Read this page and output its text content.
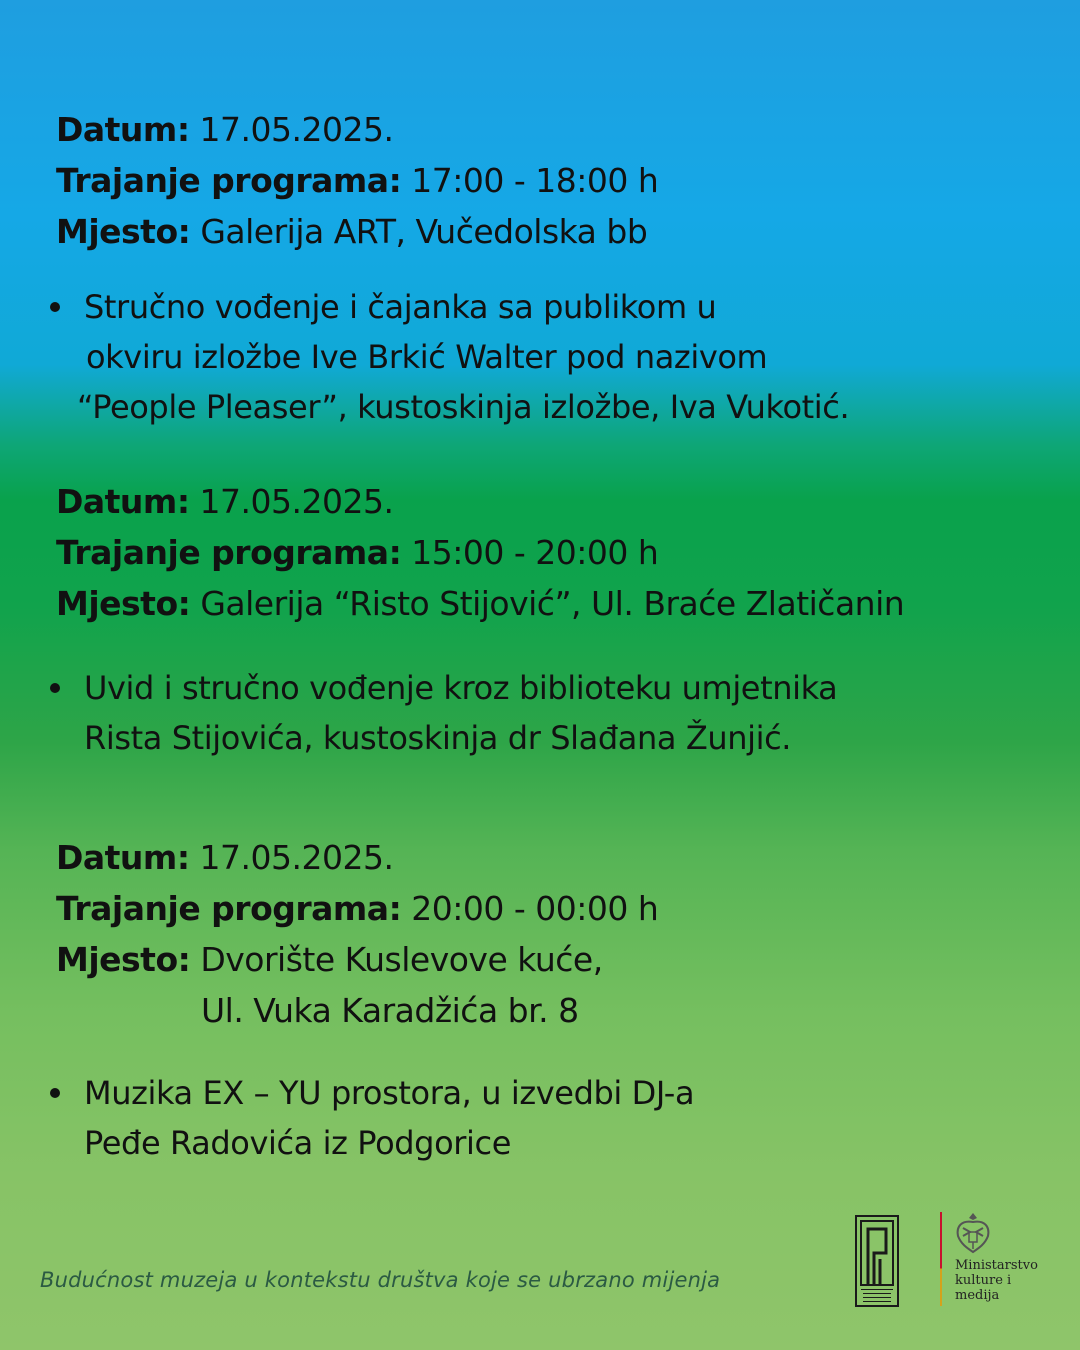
Datum: 17.05.2025.
Trajanje programa: 17:00 - 18:00 h
Mjesto: Galerija ART, Vučedolska bb
Stručno vođenje i čajanka sa publikom u
okviru izložbe Ive Brkić Walter pod nazivom
“People Pleaser”, kustoskinja izložbe, Iva Vukotić.
Datum: 17.05.2025.
Trajanje programa: 15:00 - 20:00 h
Mjesto: Galerija “Risto Stijović”, Ul. Braće Zlatičanin
Uvid i stručno vođenje kroz biblioteku umjetnika
Rista Stijovića, kustoskinja dr Slađana Žunjić.
Datum: 17.05.2025.
Trajanje programa: 20:00 - 00:00 h
Mjesto: Dvorište Kuslevove kuće,
Ul. Vuka Karadžića br. 8
Muzika EX – YU prostora, u izvedbi DJ-a
Peđe Radovića iz Podgorice
Budućnost muzeja u kontekstu društva koje se ubrzano mijenja
Ministarstvo
kulture i
medija
